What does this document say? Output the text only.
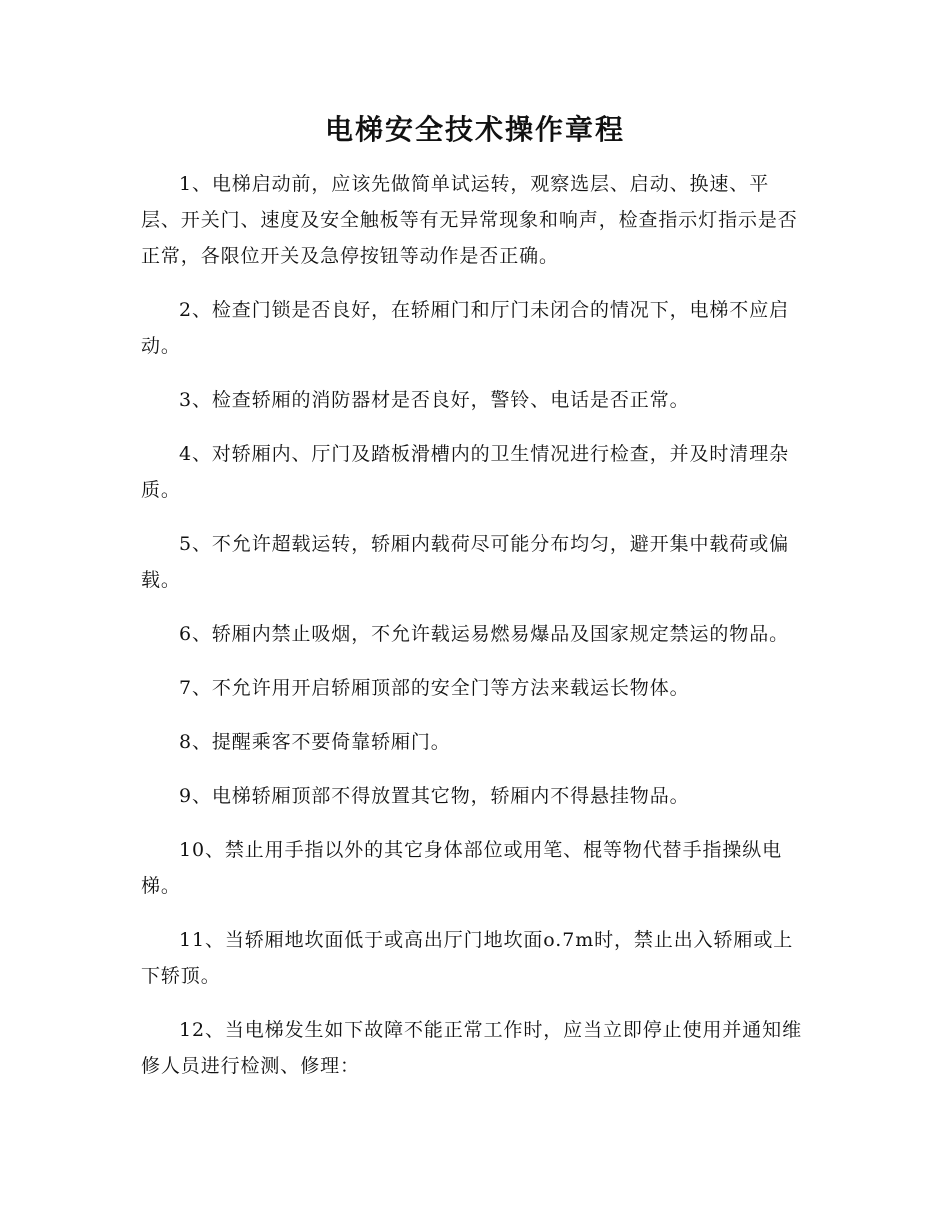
电梯安全技术操作章程

1、电梯启动前，应该先做简单试运转，观察选层、启动、换速、平层、开关门、速度及安全触板等有无异常现象和响声，检查指示灯指示是否正常，各限位开关及急停按钮等动作是否正确。

2、检查门锁是否良好，在轿厢门和厅门未闭合的情况下，电梯不应启动。

3、检查轿厢的消防器材是否良好，警铃、电话是否正常。

4、对轿厢内、厅门及踏板滑槽内的卫生情况进行检查，并及时清理杂质。

5、不允许超载运转，轿厢内载荷尽可能分布均匀，避开集中载荷或偏载。

6、轿厢内禁止吸烟，不允许载运易燃易爆品及国家规定禁运的物品。

7、不允许用开启轿厢顶部的安全门等方法来载运长物体。

8、提醒乘客不要倚靠轿厢门。

9、电梯轿厢顶部不得放置其它物，轿厢内不得悬挂物品。

10、禁止用手指以外的其它身体部位或用笔、棍等物代替手指操纵电梯。

11、当轿厢地坎面低于或高出厅门地坎面o.7m时，禁止出入轿厢或上下轿顶。

12、当电梯发生如下故障不能正常工作时，应当立即停止使用并通知维修人员进行检测、修理：
